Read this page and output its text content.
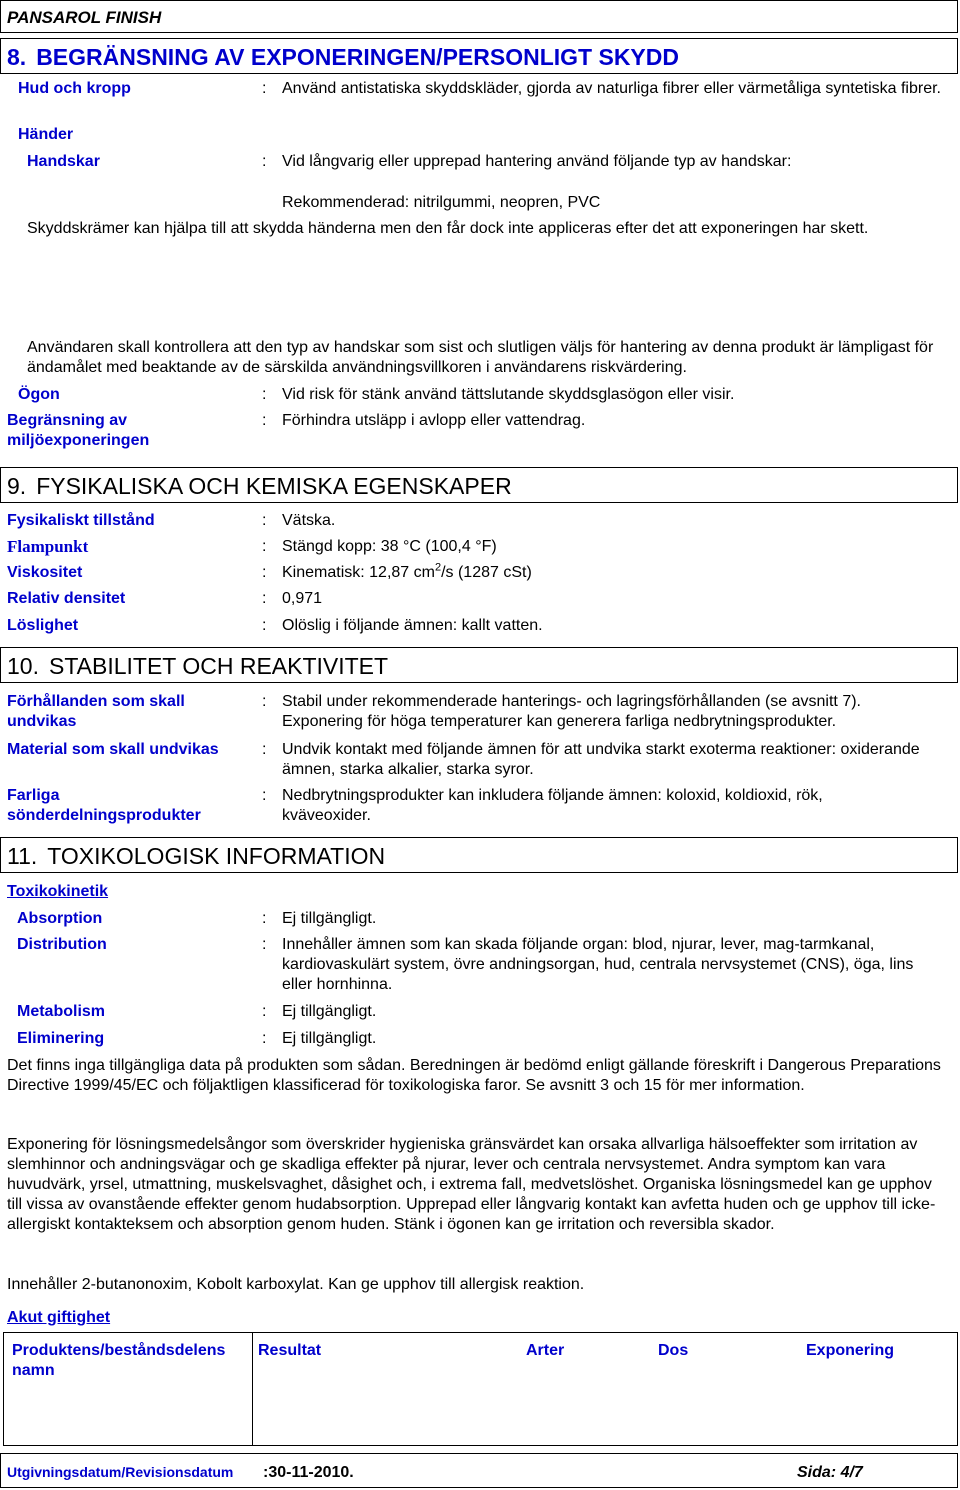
PANSAROL FINISH
8. BEGRÄNSNING AV EXPONERINGEN/PERSONLIGT SKYDD
Hud och kropp	: Använd antistatiska skyddskläder, gjorda av naturliga fibrer eller värmetåliga syntetiska fibrer.
Händer
Handskar	: Vid långvarig eller upprepad hantering använd följande typ av handskar:
Rekommenderad: nitrilgummi, neopren, PVC
Skyddskrämer kan hjälpa till att skydda händerna men den får dock inte appliceras efter det att exponeringen har skett.
Användaren skall kontrollera att den typ av handskar som sist och slutligen väljs för hantering av denna produkt är lämpligast för ändamålet med beaktande av de särskilda användningsvillkoren i användarens riskvärdering.
Ögon	: Vid risk för stänk använd tättslutande skyddsglasögon eller visir.
Begränsning av miljöexponeringen
: Förhindra utsläpp i avlopp eller vattendrag.
9. FYSIKALISKA OCH KEMISKA EGENSKAPER
Fysikaliskt tillstånd	: Vätska.
Flampunkt	: Stängd kopp: 38 °C (100,4 °F)
Viskositet	: Kinematisk: 12,87 $cm^2/s$ (1287 cSt)
Relativ densitet	: 0,971
Löslighet	: Olöslig i följande ämnen: kallt vatten.
10. STABILITET OCH REAKTIVITET
Förhållanden som skall undvikas
: Stabil under rekommenderade hanterings- och lagringsförhållanden (se avsnitt 7). Exponering för höga temperaturer kan generera farliga nedbrytningsprodukter.
Material som skall undvikas	: Undvik kontakt med följande ämnen för att undvika starkt exoterma reaktioner: oxiderande ämnen, starka alkalier, starka syror.
Farliga sönderdelningsprodukter
: Nedbrytningsprodukter kan inkludera följande ämnen: koloxid, koldioxid, rök, kväveoxider.
11. TOXIKOLOGISK INFORMATION
Toxikokinetik
Absorption	: Ej tillgängligt.
Distribution	: Innehåller ämnen som kan skada följande organ: blod, njurar, lever, mag-tarmkanal, kardiovaskulärt system, övre andningsorgan, hud, centrala nervsystemet (CNS), öga, lins eller hornhinna.
Metabolism	: Ej tillgängligt.
Eliminering	: Ej tillgängligt.
Det finns inga tillgängliga data på produkten som sådan. Beredningen är bedömd enligt gällande föreskrift i Dangerous Preparations Directive 1999/45/EC och följaktligen klassificerad för toxikologiska faror. Se avsnitt 3 och 15 för mer information.
Exponering för lösningsmedelsångor som överskrider hygieniska gränsvärdet kan orsaka allvarliga hälsoeffekter som irritation av slemhinnor och andningsvägar och ge skadliga effekter på njurar, lever och centrala nervsystemet. Andra symptom kan vara huvudvärk, yrsel, utmattning, muskelsvaghet, dåsighet och, i extrema fall, medvetslöshet. Organiska lösningsmedel kan ge upphov till vissa av ovanstående effekter genom hudabsorption. Upprepad eller långvarig kontakt kan avfetta huden och ge upphov till icke-allergiskt kontakteksem och absorption genom huden. Stänk i ögonen kan ge irritation och reversibla skador.
Innehåller 2-butanonoxim, Kobolt karboxylat. Kan ge upphov till allergisk reaktion.
Akut giftighet
Produktens/beståndsdelens namn
Resultat	Arter	Dos	Exponering
Utgivningsdatum/Revisionsdatum :30-11-2010.	Sida: 4/7
